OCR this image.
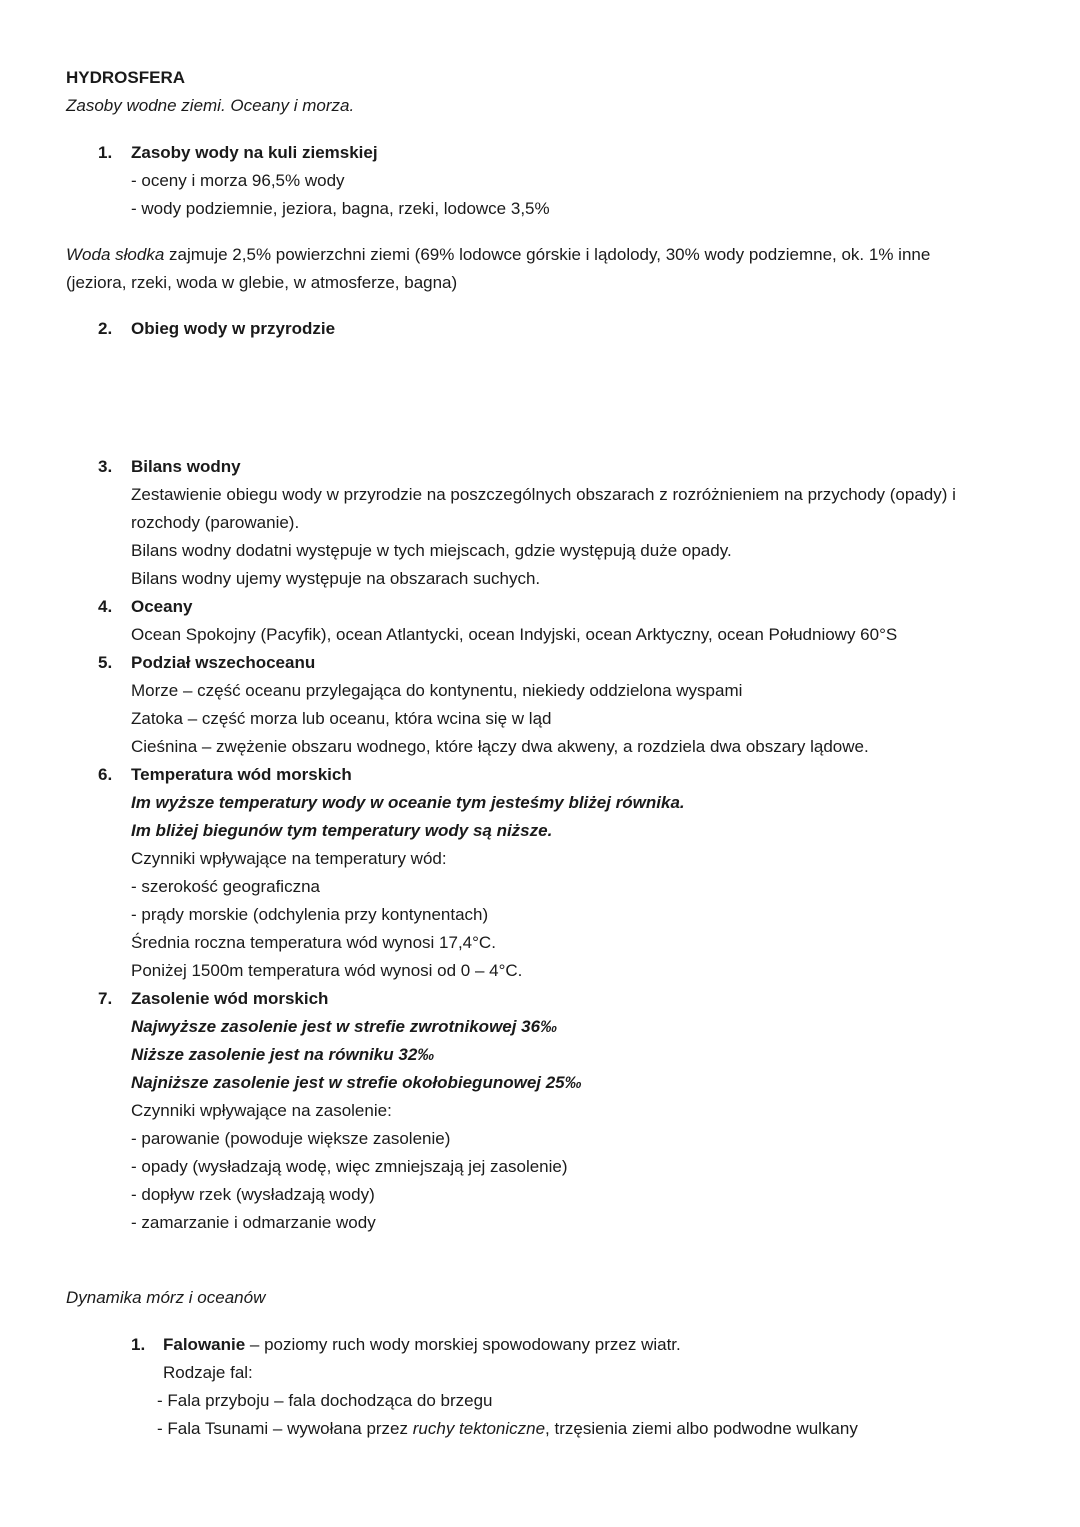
HYDROSFERA
Zasoby wodne ziemi. Oceany i morza.
1. Zasoby wody na kuli ziemskiej
- oceny i morza 96,5% wody
- wody podziemnie, jeziora, bagna, rzeki, lodowce 3,5%
Woda słodka zajmuje 2,5% powierzchni ziemi (69% lodowce górskie i lądolody, 30% wody podziemne, ok. 1% inne
(jeziora, rzeki, woda w glebie, w atmosferze, bagna)
2. Obieg wody w przyrodzie
3. Bilans wodny
Zestawienie obiegu wody w przyrodzie na poszczególnych obszarach z rozróżnieniem na przychody (opady) i
rozchody (parowanie).
Bilans wodny dodatni występuje w tych miejscach, gdzie występują duże opady.
Bilans wodny ujemy występuje na obszarach suchych.
4. Oceany
Ocean Spokojny (Pacyfik), ocean Atlantycki, ocean Indyjski, ocean Arktyczny, ocean Południowy 60°S
5. Podział wszechoceanu
Morze – część oceanu przylegająca do kontynentu, niekiedy oddzielona wyspami
Zatoka – część morza lub oceanu, która wcina się w ląd
Cieśnina – zwężenie obszaru wodnego, które łączy dwa akweny, a rozdziela dwa obszary lądowe.
6. Temperatura wód morskich
Im wyższe temperatury wody w oceanie tym jesteśmy bliżej równika.
Im bliżej biegunów tym temperatury wody są niższe.
Czynniki wpływające na temperatury wód:
- szerokość geograficzna
- prądy morskie (odchylenia przy kontynentach)
Średnia roczna temperatura wód wynosi 17,4°C.
Poniżej 1500m temperatura wód wynosi od 0 – 4°C.
7. Zasolenie wód morskich
Najwyższe zasolenie jest w strefie zwrotnikowej 36‰
Niższe zasolenie jest na równiku 32‰
Najniższe zasolenie jest w strefie okołobiegunowej 25‰
Czynniki wpływające na zasolenie:
- parowanie (powoduje większe zasolenie)
- opady (wysładzają wodę, więc zmniejszają jej zasolenie)
- dopływ rzek (wysładzają wody)
- zamarzanie i odmarzanie wody
Dynamika mórz i oceanów
1. Falowanie – poziomy ruch wody morskiej spowodowany przez wiatr.
Rodzaje fal:
- Fala przyboju – fala dochodząca do brzegu
- Fala Tsunami – wywołana przez ruchy tektoniczne, trzęsienia ziemi albo podwodne wulkany
